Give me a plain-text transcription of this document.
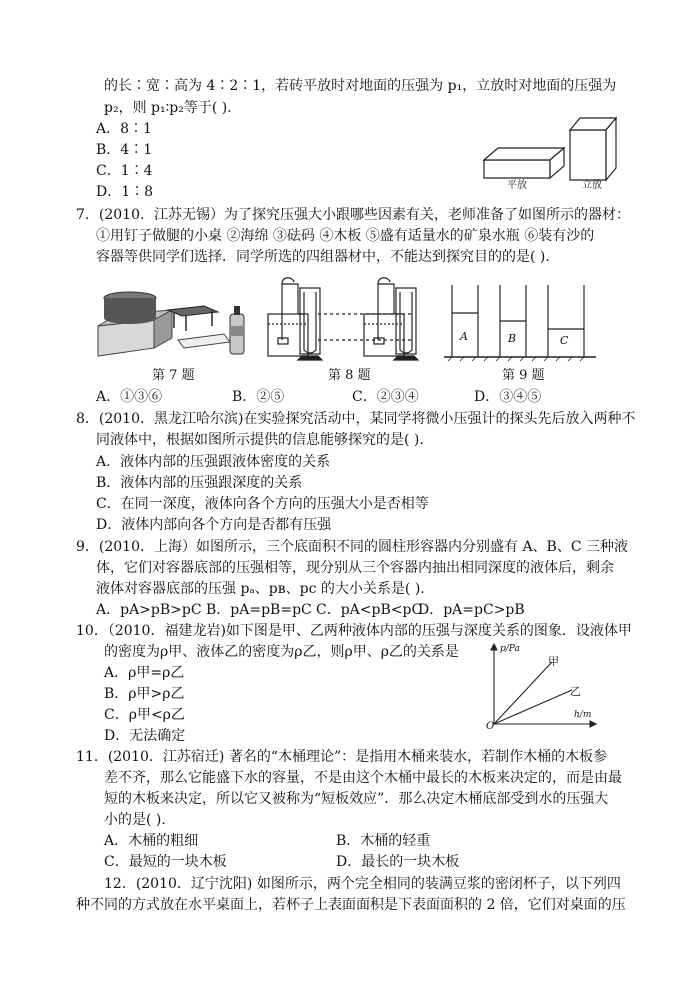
的长∶宽∶高为 4∶2∶1，若砖平放时对地面的压强为 p₁，立放时对地面的压强为
p₂，则 p₁∶p₂等于( ).
A．8∶1
B．4∶1
C．1∶4
D．1∶8	平放	立放
7．(2010．江苏无锡）为了探究压强大小跟哪些因素有关，老师准备了如图所示的器材：
①用钉子做腿的小桌 ②海绵 ③砝码 ④木板 ⑤盛有适量水的矿泉水瓶 ⑥装有沙的
容器等供同学们选择．同学所选的四组器材中，不能达到探究目的的是( ).
A	B	C
第 7 题	第 8 题	第 9 题
A．①③⑥	B．②⑤	C．②③④	D．③④⑤
8．(2010．黑龙江哈尔滨)在实验探究活动中，某同学将微小压强计的探头先后放入两种不
同液体中，根据如图所示提供的信息能够探究的是( ).
A．液体内部的压强跟液体密度的关系
B．液体内部的压强跟深度的关系
C．在同一深度，液体向各个方向的压强大小是否相等
D．液体内部向各个方向是否都有压强
9．(2010．上海）如图所示，三个底面积不同的圆柱形容器内分别盛有 A、B、C 三种液
体，它们对容器底部的压强相等，现分别从三个容器内抽出相同深度的液体后，剩余
液体对容器底部的压强 pₐ、pʙ、pc 的大小关系是( ).
A．pA>pB>pC B．pA=pB=pC C．pA<pB<pC
D．pA=pC>pB
10．（2010．福建龙岩)如下图是甲、乙两种液体内部的压强与深度关系的图象．设液体甲
的密度为ρ甲、液体乙的密度为ρ乙，则ρ甲、ρ乙的关系是
A．ρ甲=ρ乙
B．ρ甲>ρ乙
C．ρ甲<ρ乙
D．无法确定
p/Pa
h/m
O
甲
乙
11．(2010．江苏宿迁) 著名的“木桶理论”：是指用木桶来装水，若制作木桶的木板参
差不齐，那么它能盛下水的容量，不是由这个木桶中最长的木板来决定的，而是由最
短的木板来决定，所以它又被称为“短板效应”．那么决定木桶底部受到水的压强大
小的是( ).
A．木桶的粗细	B．木桶的轻重
C．最短的一块木板	D．最长的一块木板
12．(2010．辽宁沈阳) 如图所示，两个完全相同的装满豆浆的密闭杯子，以下列四
种不同的方式放在水平桌面上，若杯子上表面面积是下表面面积的 2 倍，它们对桌面的压
